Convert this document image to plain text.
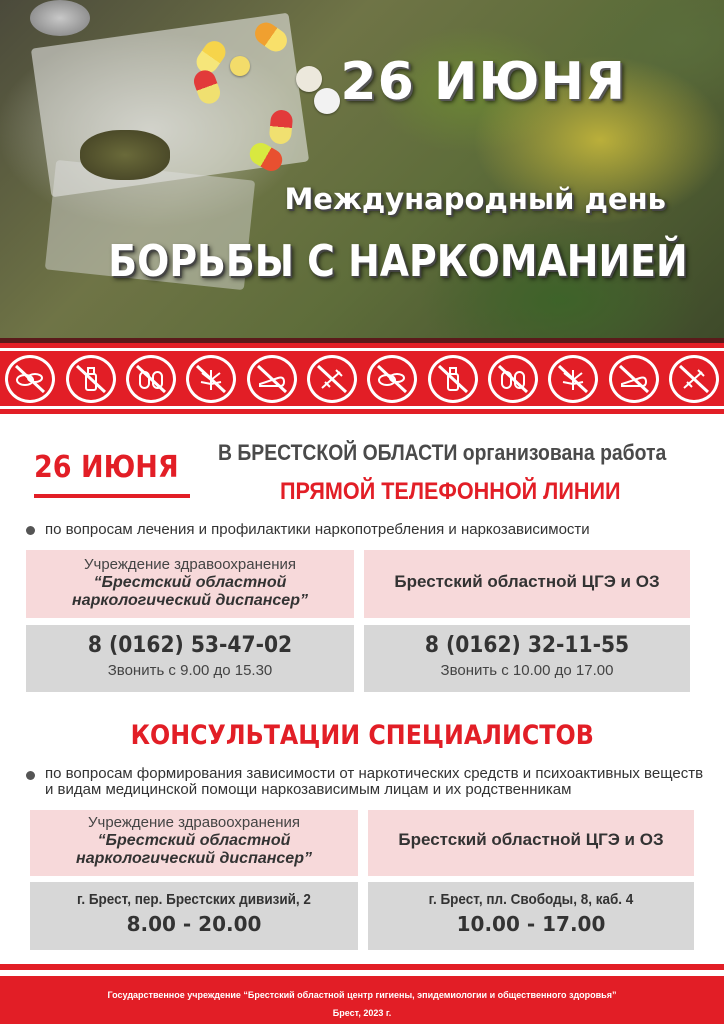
26 ИЮНЯ
Международный день
БОРЬБЫ С НАРКОМАНИЕЙ
26 ИЮНЯ В БРЕСТСКОЙ ОБЛАСТИ организована работа
ПРЯМОЙ ТЕЛЕФОННОЙ ЛИНИИ
по вопросам лечения и профилактики наркопотребления и наркозависимости
Учреждение здравоохранения
“Брестский областной
наркологический диспансер”
Брестский областной ЦГЭ и ОЗ
8 (0162) 53-47-02
Звонить с 9.00 до 15.30
8 (0162) 32-11-55
Звонить с 10.00 до 17.00
КОНСУЛЬТАЦИИ СПЕЦИАЛИСТОВ
по вопросам формирования зависимости от наркотических средств и психоактивных веществ и видам медицинской помощи наркозависимым лицам и их родственникам
Учреждение здравоохранения
“Брестский областной
наркологический диспансер”
Брестский областной ЦГЭ и ОЗ
г. Брест, пер. Брестских дивизий, 2
8.00 - 20.00
г. Брест, пл. Свободы, 8, каб. 4
10.00 - 17.00
Государственное учреждение “Брестский областной центр гигиены, эпидемиологии и общественного здоровья”
Брест, 2023 г.
